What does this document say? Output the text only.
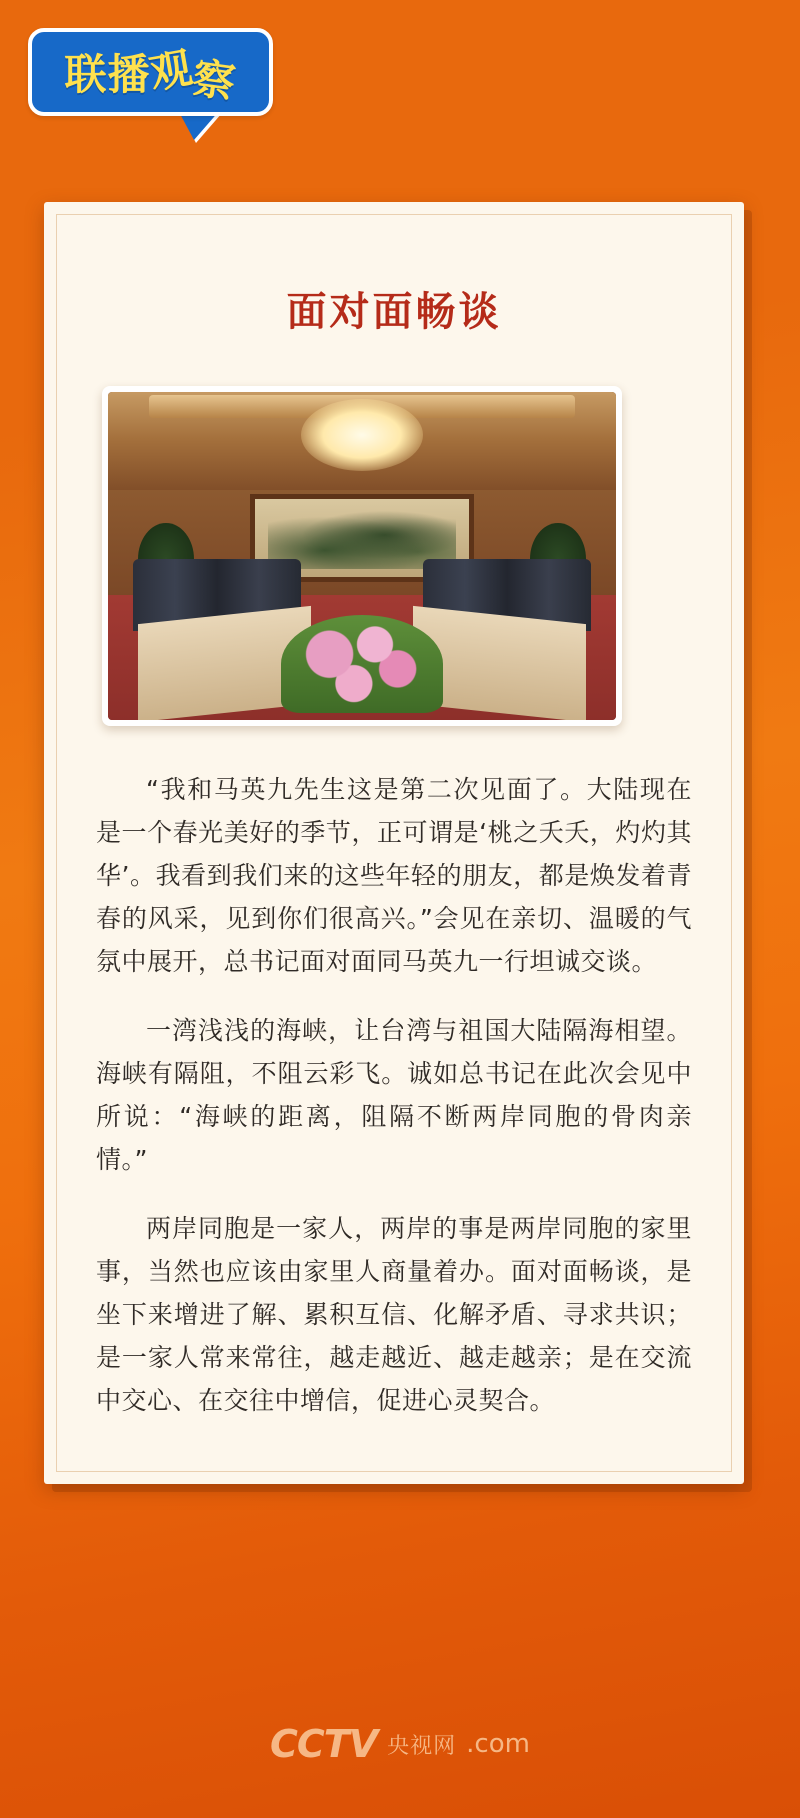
联播
观
察
面对面畅谈

“我和马英九先生这是第二次见面了。大陆现在是一个春光美好的季节，正可谓是‘桃之夭夭，灼灼其华’。我看到我们来的这些年轻的朋友，都是焕发着青春的风采，见到你们很高兴。”会见在亲切、温暖的气氛中展开，总书记面对面同马英九一行坦诚交谈。

一湾浅浅的海峡，让台湾与祖国大陆隔海相望。海峡有隔阻，不阻云彩飞。诚如总书记在此次会见中所说：“海峡的距离，阻隔不断两岸同胞的骨肉亲情。”

两岸同胞是一家人，两岸的事是两岸同胞的家里事，当然也应该由家里人商量着办。面对面畅谈，是坐下来增进了解、累积互信、化解矛盾、寻求共识；是一家人常来常往，越走越近、越走越亲；是在交流中交心、在交往中增信，促进心灵契合。

CCTV 央视网 .com
